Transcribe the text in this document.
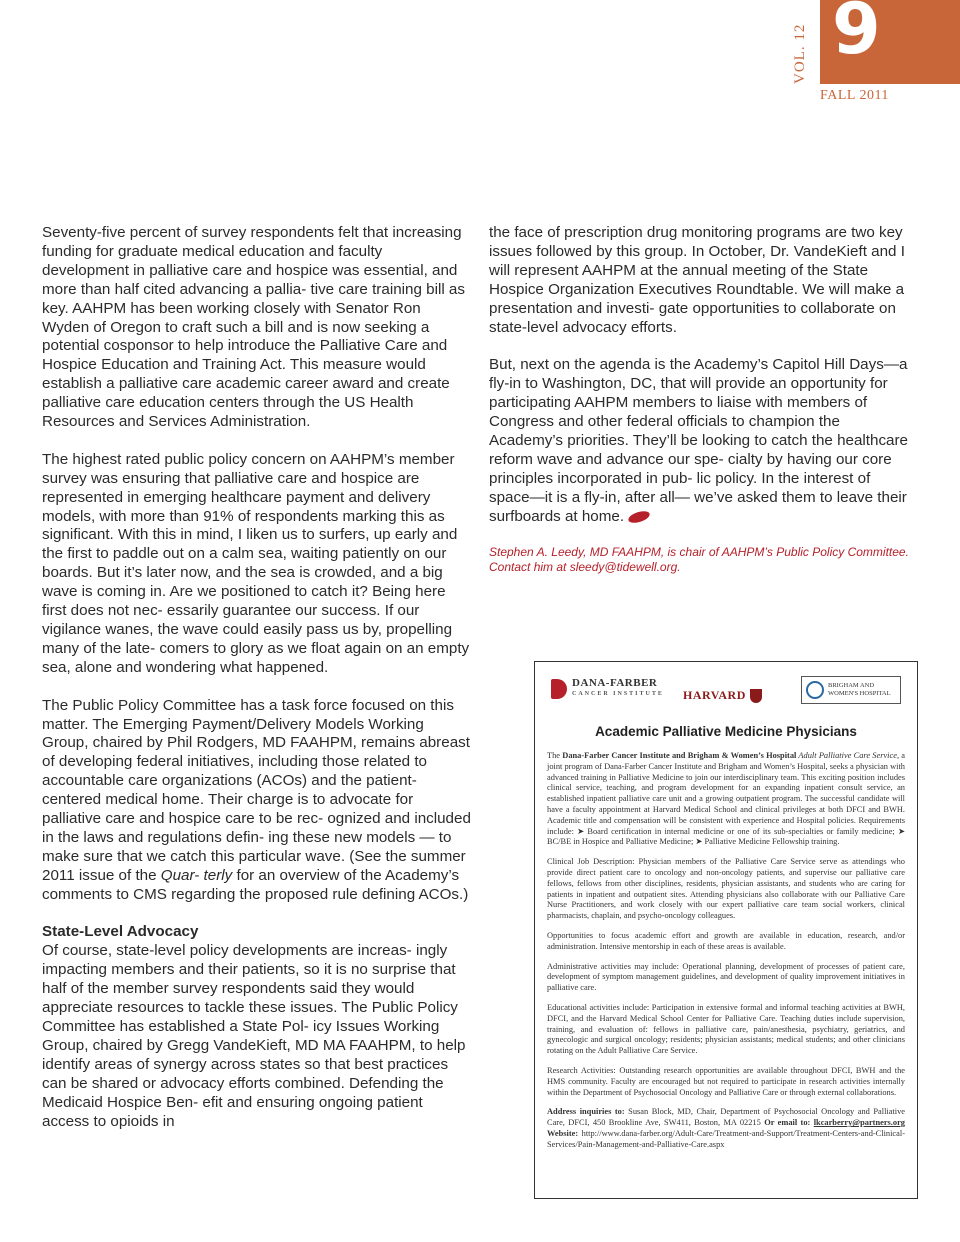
9
VOL. 12
FALL 2011

Seventy-five percent of survey respondents felt that increasing funding for graduate medical education and faculty development in palliative care and hospice was essential, and more than half cited advancing a pallia- tive care training bill as key. AAHPM has been working closely with Senator Ron Wyden of Oregon to craft such a bill and is now seeking a potential cosponsor to help introduce the Palliative Care and Hospice Education and Training Act. This measure would establish a palliative care academic career award and create palliative care education centers through the US Health Resources and Services Administration.

The highest rated public policy concern on AAHPM’s member survey was ensuring that palliative care and hospice are represented in emerging healthcare payment and delivery models, with more than 91% of respondents marking this as significant. With this in mind, I liken us to surfers, up early and the first to paddle out on a calm sea, waiting patiently on our boards. But it’s later now, and the sea is crowded, and a big wave is coming in. Are we positioned to catch it? Being here first does not nec- essarily guarantee our success. If our vigilance wanes, the wave could easily pass us by, propelling many of the late- comers to glory as we float again on an empty sea, alone and wondering what happened.

The Public Policy Committee has a task force focused on this matter. The Emerging Payment/Delivery Models Working Group, chaired by Phil Rodgers, MD FAAHPM, remains abreast of developing federal initiatives, including those related to accountable care organizations (ACOs) and the patient-centered medical home. Their charge is to advocate for palliative care and hospice care to be rec- ognized and included in the laws and regulations defin- ing these new models — to make sure that we catch this particular wave. (See the summer 2011 issue of the Quar- terly for an overview of the Academy’s comments to CMS regarding the proposed rule defining ACOs.)

State-Level Advocacy

Of course, state-level policy developments are increas- ingly impacting members and their patients, so it is no surprise that half of the member survey respondents said they would appreciate resources to tackle these issues. The Public Policy Committee has established a State Pol- icy Issues Working Group, chaired by Gregg VandeKieft, MD MA FAAHPM, to help identify areas of synergy across states so that best practices can be shared or advocacy efforts combined. Defending the Medicaid Hospice Ben- efit and ensuring ongoing patient access to opioids in

the face of prescription drug monitoring programs are two key issues followed by this group. In October, Dr. VandeKieft and I will represent AAHPM at the annual meeting of the State Hospice Organization Executives Roundtable. We will make a presentation and investi- gate opportunities to collaborate on state-level advocacy efforts.

But, next on the agenda is the Academy’s Capitol Hill Days—a fly-in to Washington, DC, that will provide an opportunity for participating AAHPM members to liaise with members of Congress and other federal officials to champion the Academy’s priorities. They’ll be looking to catch the healthcare reform wave and advance our spe- cialty by having our core principles incorporated in pub- lic policy. In the interest of space—it is a fly-in, after all— we’ve asked them to leave their surfboards at home.

Stephen A. Leedy, MD FAAHPM, is chair of AAHPM’s Public Policy Committee. Contact him at sleedy@tidewell.org.
DANA-FARBER
CANCER INSTITUTE HARVARD
BRIGHAM AND
WOMEN'S HOSPITAL
Academic Palliative Medicine Physicians

The Dana-Farber Cancer Institute and Brigham & Women’s Hospital Adult Palliative Care Service, a joint program of Dana-Farber Cancer Institute and Brigham and Women’s Hospital, seeks a physician with advanced training in Palliative Medicine to join our interdisciplinary team. This exciting position includes clinical service, teaching, and program development for an expanding inpatient consult service, an established inpatient palliative care unit and a growing outpatient program. The successful candidate will have a faculty appointment at Harvard Medical School and clinical privileges at both DFCI and BWH. Academic title and compensation will be consistent with experience and Hospital policies. Requirements include: ➤ Board certification in internal medicine or one of its sub-specialties or family medicine; ➤ BC/BE in Hospice and Palliative Medicine; ➤ Palliative Medicine Fellowship training.

Clinical Job Description: Physician members of the Palliative Care Service serve as attendings who provide direct patient care to oncology and non-oncology patients, and supervise our palliative care fellows, fellows from other disciplines, residents, physician assistants, and students who are caring for patients in inpatient and outpatient sites. Attending physicians also collaborate with our Palliative Care Nurse Practitioners, and work closely with our expert palliative care team social workers, clinical pharmacists, chaplain, and psycho-oncology colleagues.

Opportunities to focus academic effort and growth are available in education, research, and/or administration. Intensive mentorship in each of these areas is available.

Administrative activities may include: Operational planning, development of processes of patient care, development of symptom management guidelines, and development of quality improvement initiatives in palliative care.

Educational activities include: Participation in extensive formal and informal teaching activities at BWH, DFCI, and the Harvard Medical School Center for Palliative Care. Teaching duties include supervision, training, and evaluation of: fellows in palliative care, pain/anesthesia, psychiatry, geriatrics, and gynecologic and surgical oncology; residents; physician assistants; medical students; and other clinicians rotating on the Adult Palliative Care Service.

Research Activities: Outstanding research opportunities are available throughout DFCI, BWH and the HMS community. Faculty are encouraged but not required to participate in research activities internally within the Department of Psychosocial Oncology and Palliative Care or through external collaborations.

Address inquiries to: Susan Block, MD, Chair, Department of Psychosocial Oncology and Palliative Care, DFCI, 450 Brookline Ave, SW411, Boston, MA 02215 Or email to: lkcarberry@partners.org Website: http://www.dana-farber.org/Adult-Care/Treatment-and-Support/Treatment-Centers-and-Clinical-Services/Pain-Management-and-Palliative-Care.aspx
